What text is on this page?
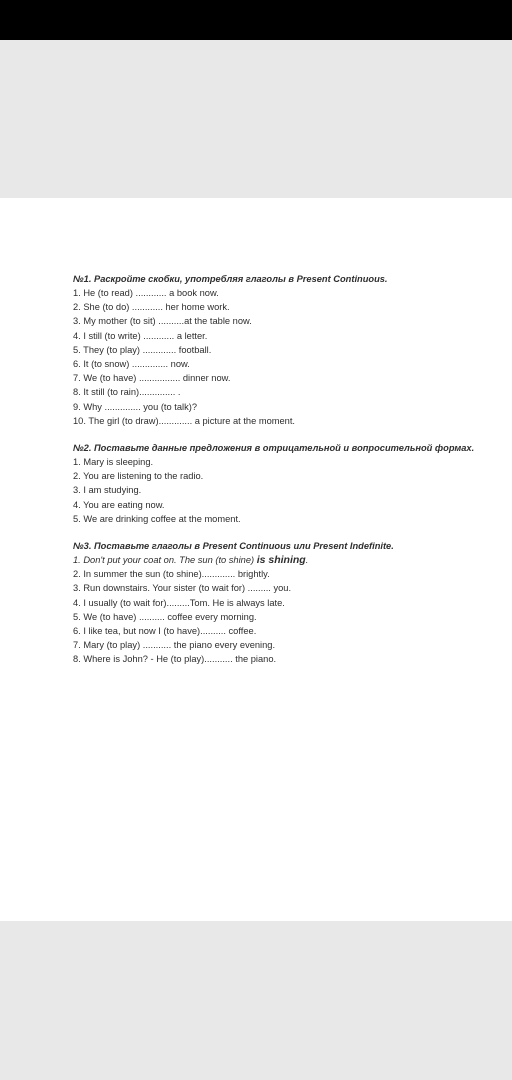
№1. Раскройте скобки, употребляя глаголы в Present Continuous.

1. He (to read) ............ a book now.
2. She (to do) ............ her home work.
3. My mother (to sit) ..........at the table now.
4. I still (to write) ............ a letter.
5. They (to play) ............. football.
6. It (to snow) .............. now.
7. We (to have) ................ dinner now.
8. It still (to rain).............. .
9. Why .............. you (to talk)?
10. The girl (to draw)............. a picture at the moment.

№2. Поставьте данные предложения в отрицательной и вопросительной формах.

1. Mary is sleeping.
2. You are listening to the radio.
3. I am studying.
4. You are eating now.
5. We are drinking coffee at the moment.

№3. Поставьте глаголы в Present Continuous или Present Indefinite.

1. Don't put your coat on. The sun (to shine) is shining.
2. In summer the sun (to shine)............. brightly.
3. Run downstairs. Your sister (to wait for) ......... you.
4. I usually (to wait for).........Tom. He is always late.
5. We (to have) .......... coffee every morning.
6. I like tea, but now I (to have).......... coffee.
7. Mary (to play) ........... the piano every evening.
8. Where is John? - He (to play)........... the piano.
